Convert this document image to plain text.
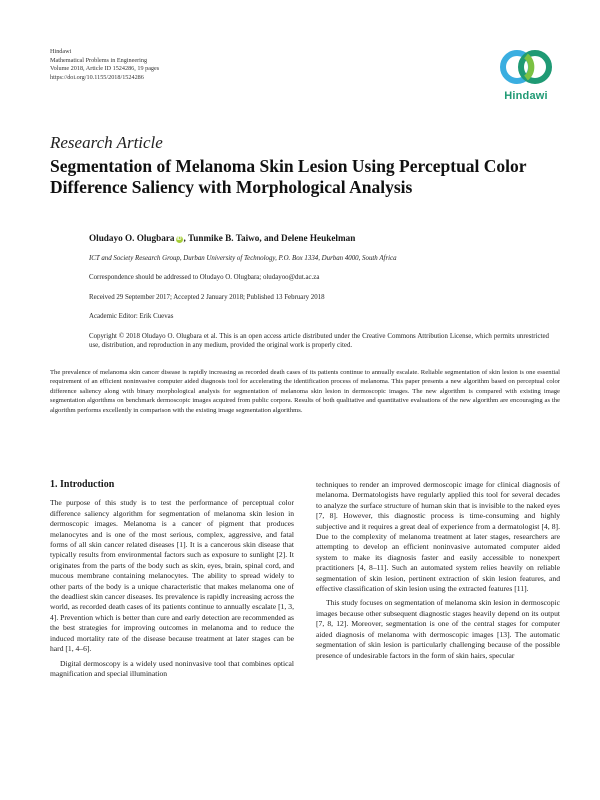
Hindawi
Mathematical Problems in Engineering
Volume 2018, Article ID 1524286, 19 pages
https://doi.org/10.1155/2018/1524286
Hindawi
Research Article
Segmentation of Melanoma Skin Lesion Using Perceptual Color Difference Saliency with Morphological Analysis
Oludayo O. Olugbara iD , Tunmike B. Taiwo, and Delene Heukelman
ICT and Society Research Group, Durban University of Technology, P.O. Box 1334, Durban 4000, South Africa
Correspondence should be addressed to Oludayo O. Olugbara; oludayoo@dut.ac.za
Received 29 September 2017; Accepted 2 January 2018; Published 13 February 2018
Academic Editor: Erik Cuevas
Copyright © 2018 Oludayo O. Olugbara et al. This is an open access article distributed under the Creative Commons Attribution License, which permits unrestricted use, distribution, and reproduction in any medium, provided the original work is properly cited.
The prevalence of melanoma skin cancer disease is rapidly increasing as recorded death cases of its patients continue to annually escalate. Reliable segmentation of skin lesion is one essential requirement of an efficient noninvasive computer aided diagnosis tool for accelerating the identification process of melanoma. This paper presents a new algorithm based on perceptual color difference saliency along with binary morphological analysis for segmentation of melanoma skin lesion in dermoscopic images. The new algorithm is compared with existing image segmentation algorithms on benchmark dermoscopic images acquired from public corpora. Results of both qualitative and quantitative evaluations of the new algorithm are encouraging as the algorithm performs excellently in comparison with the existing image segmentation algorithms.
1. Introduction

The purpose of this study is to test the performance of perceptual color difference saliency algorithm for segmentation of melanoma skin lesion in dermoscopic images. Melanoma is a cancer of pigment that produces melanocytes and is one of the most serious, complex, aggressive, and fatal forms of all skin cancer related diseases [1]. It is a cancerous skin disease that typically results from environmental factors such as exposure to sunlight [2]. It originates from the parts of the body such as skin, eyes, brain, spinal cord, and mucous membrane containing melanocytes. The ability to spread widely to other parts of the body is a unique characteristic that makes melanoma one of the deadliest skin cancer diseases. Its prevalence is rapidly increasing across the world, as recorded death cases of its patients continue to annually escalate [1, 3, 4]. Prevention which is better than cure and early detection are recommended as the best strategies for improving outcomes in melanoma and to reduce the induced mortality rate of the disease because treatment at later stages can be hard [1, 4–6].

Digital dermoscopy is a widely used noninvasive tool that combines optical magnification and special illumination

techniques to render an improved dermoscopic image for clinical diagnosis of melanoma. Dermatologists have regularly applied this tool for several decades to analyze the surface structure of human skin that is invisible to the naked eyes [7, 8]. However, this diagnostic process is time-consuming and highly subjective and it requires a great deal of experience from a dermatologist [4, 8]. Due to the complexity of melanoma treatment at later stages, researchers are attempting to develop an efficient noninvasive automated computer aided system to make its diagnosis faster and easily accessible to nonexpert practitioners [4, 8–11]. Such an automated system relies heavily on reliable segmentation of skin lesion, pertinent extraction of skin lesion features, and effective classification of skin lesion using the extracted features [11].

This study focuses on segmentation of melanoma skin lesion in dermoscopic images because other subsequent diagnostic stages heavily depend on its output [7, 8, 12]. Moreover, segmentation is one of the central stages for computer aided diagnosis of melanoma with dermoscopic images [13]. The automatic segmentation of skin lesion is particularly challenging because of the possible presence of undesirable factors in the form of skin hairs, specular
